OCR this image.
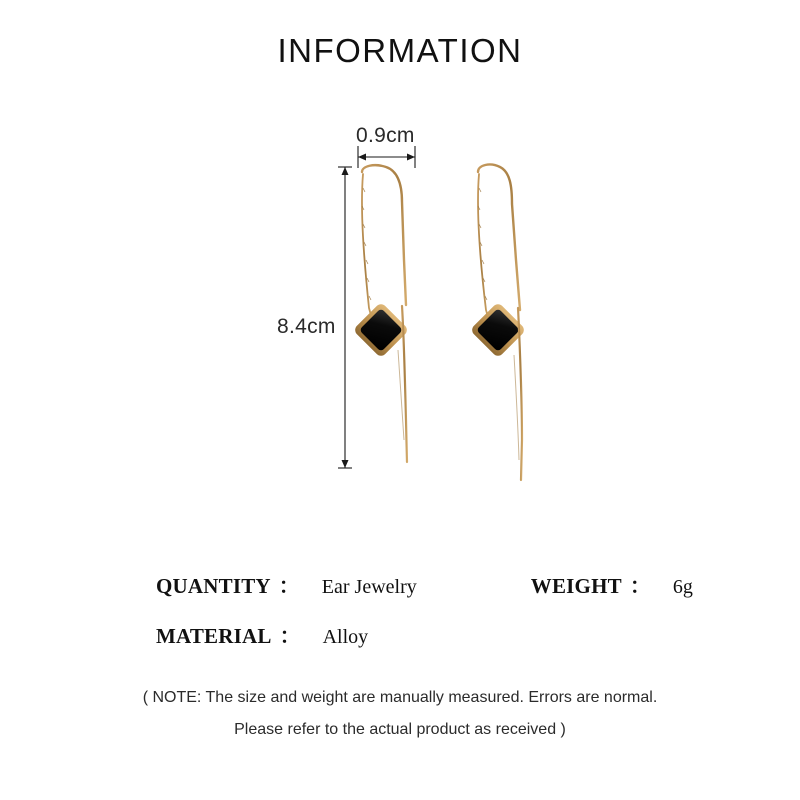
INFORMATION
0.9cm
8.4cm
QUANTITY ：	Ear Jewelry	WEIGHT ：	6g
MATERIAL ：	Alloy
( NOTE: The size and weight are manually measured. Errors are normal.
Please refer to the actual product as received )
